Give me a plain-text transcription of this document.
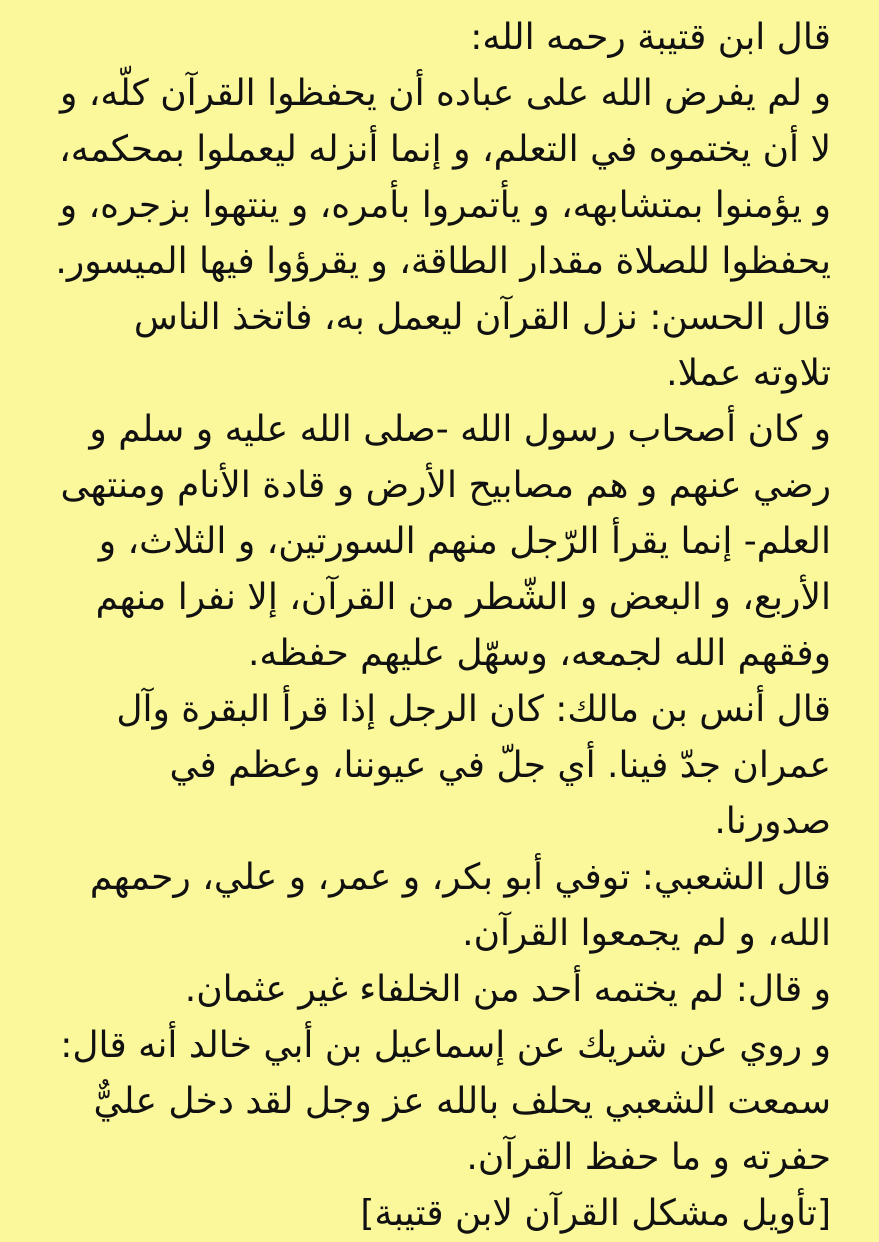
قال ابن قتيبة رحمه الله:

و لم يفرض الله على عباده أن يحفظوا القرآن كلّه، و لا أن يختموه في التعلم، و إنما أنزله ليعملوا بمحكمه، و يؤمنوا بمتشابهه، و يأتمروا بأمره، و ينتهوا بزجره، و يحفظوا للصلاة مقدار الطاقة، و يقرؤوا فيها الميسور.

قال الحسن: نزل القرآن ليعمل به، فاتخذ الناس تلاوته عملا.

و كان أصحاب رسول الله -صلى الله عليه و سلم و رضي عنهم و هم مصابيح الأرض و قادة الأنام ومنتهى العلم- إنما يقرأ الرّجل منهم السورتين، و الثلاث، و الأربع، و البعض و الشّطر من القرآن، إلا نفرا منهم وفقهم الله لجمعه، وسهّل عليهم حفظه.

قال أنس بن مالك: كان الرجل إذا قرأ البقرة وآل عمران جدّ فينا. أي جلّ في عيوننا، وعظم في صدورنا.

قال الشعبي: توفي أبو بكر، و عمر، و علي، رحمهم الله، و لم يجمعوا القرآن.

و قال: لم يختمه أحد من الخلفاء غير عثمان.

و روي عن شريك عن إسماعيل بن أبي خالد أنه قال: سمعت الشعبي يحلف بالله عز وجل لقد دخل عليٌّ حفرته و ما حفظ القرآن.

[تأويل مشكل القرآن لابن قتيبة]
